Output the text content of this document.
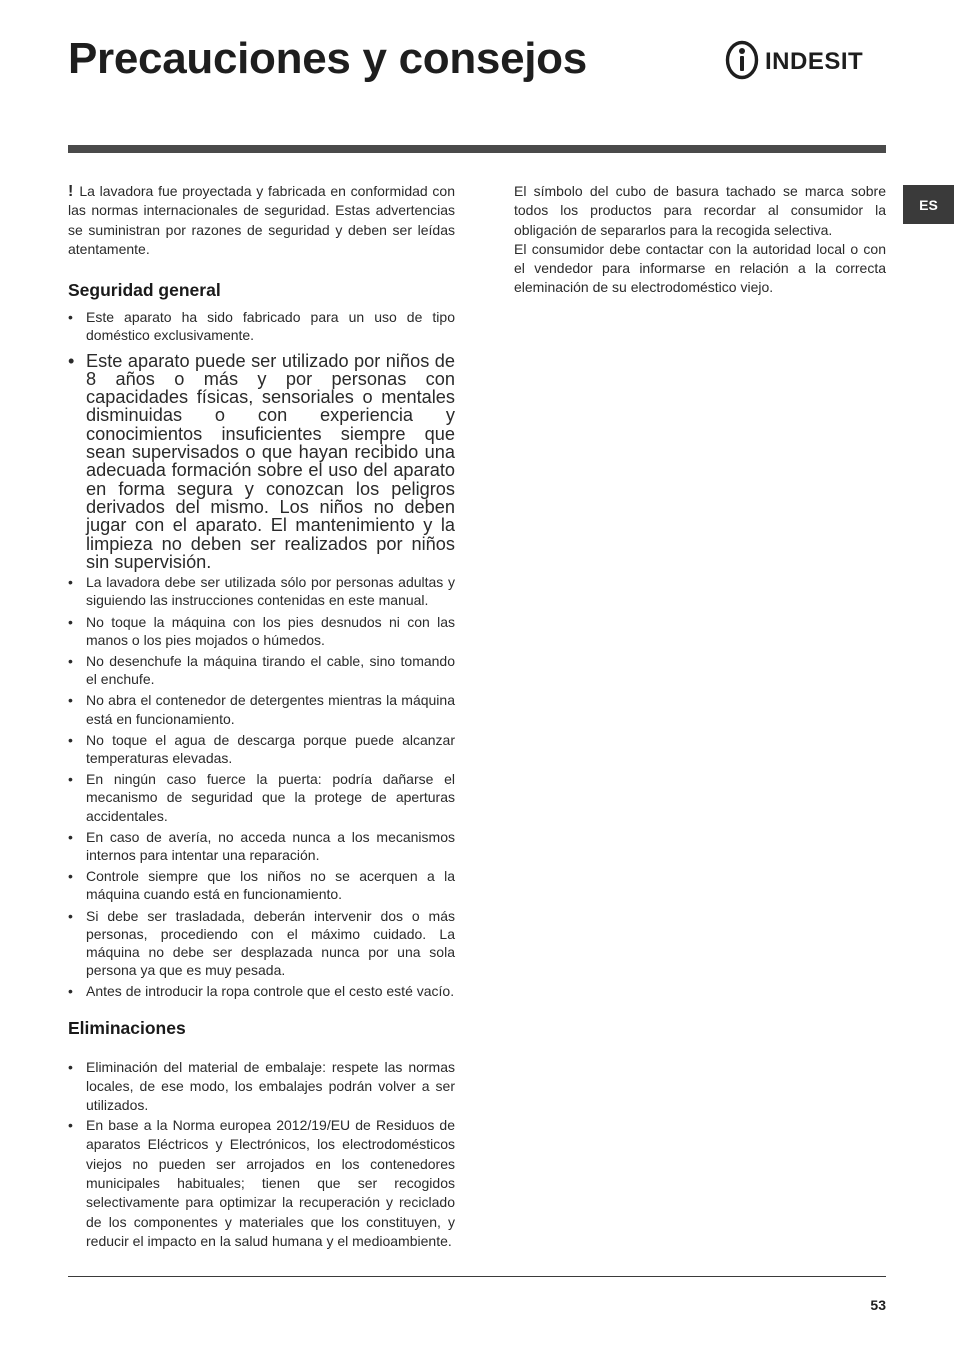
Precauciones y consejos	INDESIT
ES

! La lavadora fue proyectada y fabricada en conformidad con las normas internacionales de seguridad. Estas advertencias se suministran por razones de seguridad y deben ser leídas atentamente.

Seguridad general
• Este aparato ha sido fabricado para un uso de tipo doméstico exclusivamente.
• Este aparato puede ser utilizado por niños de 8 años o más y por personas con capacidades físicas, sensoriales o mentales disminuidas o con experiencia y conocimientos insuficientes siempre que sean supervisados o que hayan recibido una adecuada formación sobre el uso del aparato en forma segura y conozcan los peligros derivados del mismo. Los niños no deben jugar con el aparato. El mantenimiento y la limpieza no deben ser realizados por niños sin supervisión.
• La lavadora debe ser utilizada sólo por personas adultas y siguiendo las instrucciones contenidas en este manual.
• No toque la máquina con los pies desnudos ni con las manos o los pies mojados o húmedos.
• No desenchufe la máquina tirando el cable, sino tomando el enchufe.
• No abra el contenedor de detergentes mientras la máquina está en funcionamiento.
• No toque el agua de descarga porque puede alcanzar temperaturas elevadas.
• En ningún caso fuerce la puerta: podría dañarse el mecanismo de seguridad que la protege de aperturas accidentales.
• En caso de avería, no acceda nunca a los mecanismos internos para intentar una reparación.
• Controle siempre que los niños no se acerquen a la máquina cuando está en funcionamiento.
• Si debe ser trasladada, deberán intervenir dos o más personas, procediendo con el máximo cuidado. La máquina no debe ser desplazada nunca por una sola persona ya que es muy pesada.
• Antes de introducir la ropa controle que el cesto esté vacío.
Eliminaciones
• Eliminación del material de embalaje: respete las normas locales, de ese modo, los embalajes podrán volver a ser utilizados.
• En base a la Norma europea 2012/19/EU de Residuos de aparatos Eléctricos y Electrónicos, los electrodomésticos viejos no pueden ser arrojados en los contenedores municipales habituales; tienen que ser recogidos selectivamente para optimizar la recuperación y reciclado de los componentes y materiales que los constituyen, y reducir el impacto en la salud humana y el medioambiente.

El símbolo del cubo de basura tachado se marca sobre todos los productos para recordar al consumidor la obligación de separarlos para la recogida selectiva.

El consumidor debe contactar con la autoridad local o con el vendedor para informarse en relación a la correcta eleminación de su electrodoméstico viejo.

53
